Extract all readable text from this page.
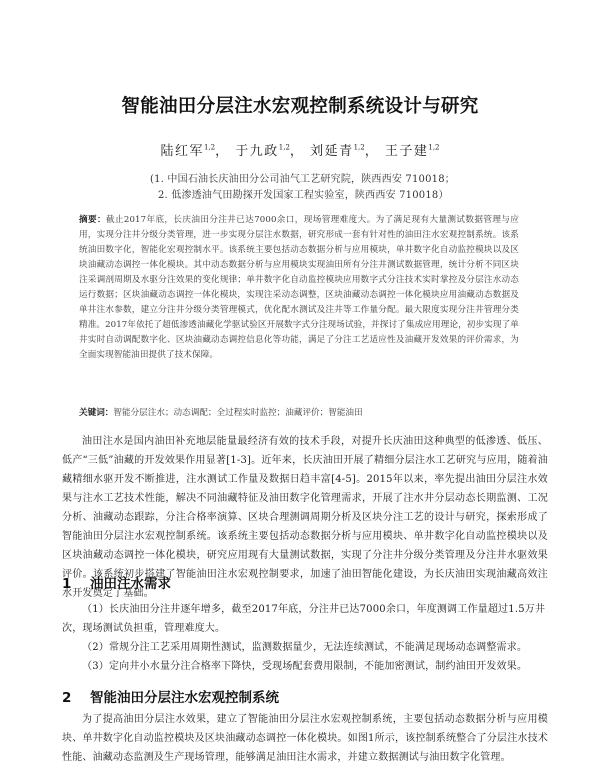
智能油田分层注水宏观控制系统设计与研究
陆红军$^{1,2}$， 于九政$^{1,2}$， 刘延青$^{1,2}$， 王子建$^{1,2}$
(1. 中国石油长庆油田分公司油气工艺研究院，陕西西安 710018；
2. 低渗透油气田勘探开发国家工程实验室，陕西西安 710018）
摘要：截止2017年底，长庆油田分注井已达7000余口，现场管理难度大。为了满足现有大量测试数据管理与应用，实现分注井分级分类管理，进一步实现分层注水数据，研究形成一套有针对性的油田注水宏观控制系统。该系统油田数字化，智能化宏观控制水平。该系统主要包括动态数据分析与应用模块，单井数字化自动监控模块以及区块油藏动态调控一体化模块。其中动态数据分析与应用模块实现油田所有分注井测试数据管理，统计分析不同区块注采调剖周期及水驱分注效果的变化规律；单井数字化自动监控模块应用数字式分注技术实时掌控及分层注水动态运行数据；区块油藏动态调控一体化模块，实现注采动态调整，区块油藏动态调控一体化模块应用油藏动态数据及单井注水参数，建立分注井分级分类管理模式，优化配水测试及注井等工作量分配。最大限度实现分注井管理分类精准。2017年依托了超低渗透油藏化学驱试验区开展数字式分注现场试验，并探讨了集成应用理论，初步实现了单井实时自动调配数字化、区块油藏动态调控信息化等功能，满足了分注工艺适应性及油藏开发效果的评价需求，为全面实现智能油田提供了技术保障。
关键词：智能分层注水；动态调配；全过程实时监控；油藏评价；智能油田
油田注水是国内油田补充地层能量最经济有效的技术手段，对提升长庆油田这种典型的低渗透、低压、低产“三低”油藏的开发效果作用显著[1-3]。近年来，长庆油田开展了精细分层注水工艺研究与应用，随着油藏精细水驱开发不断推进，注水测试工作量及数据日趋丰富[4-5]。2015年以来，率先提出油田分层注水效果与注水工艺技术性能，解决不同油藏特征及油田数字化管理需求，开展了注水井分层动态长期监测、工况分析、油藏动态跟踪，分注合格率演算、区块合理测调周期分析及区块分注工艺的设计与研究，探索形成了智能油田分层注水宏观控制系统。该系统主要包括动态数据分析与应用模块、单井数字化自动监控模块以及区块油藏动态调控一体化模块，研究应用现有大量测试数据，实现了分注井分级分类管理及分注井水驱效果评价。该系统初步搭建了智能油田注水宏观控制要求，加速了油田智能化建设，为长庆油田实现油藏高效注水开发奠定了基础。
1 油田注水需求
（1）长庆油田分注井逐年增多，截至2017年底，分注井已达7000余口，年度测调工作量超过1.5万井次，现场测试负担重，管理难度大。
（2）常规分注工艺采用周期性测试，监测数据量少，无法连续测试，不能满足现场动态调整需求。
（3）定向井小水量分注合格率下降快，受现场配套费用限制，不能加密测试，制约油田开发效果。
2 智能油田分层注水宏观控制系统
为了提高油田分层注水效果，建立了智能油田分层注水宏观控制系统，主要包括动态数据分析与应用模块、单井数字化自动监控模块及区块油藏动态调控一体化模块。如图1所示，该控制系统整合了分层注水技术性能、油藏动态监测及生产现场管理，能够满足油田注水需求，并建立数据测试与油田数字化管理。
